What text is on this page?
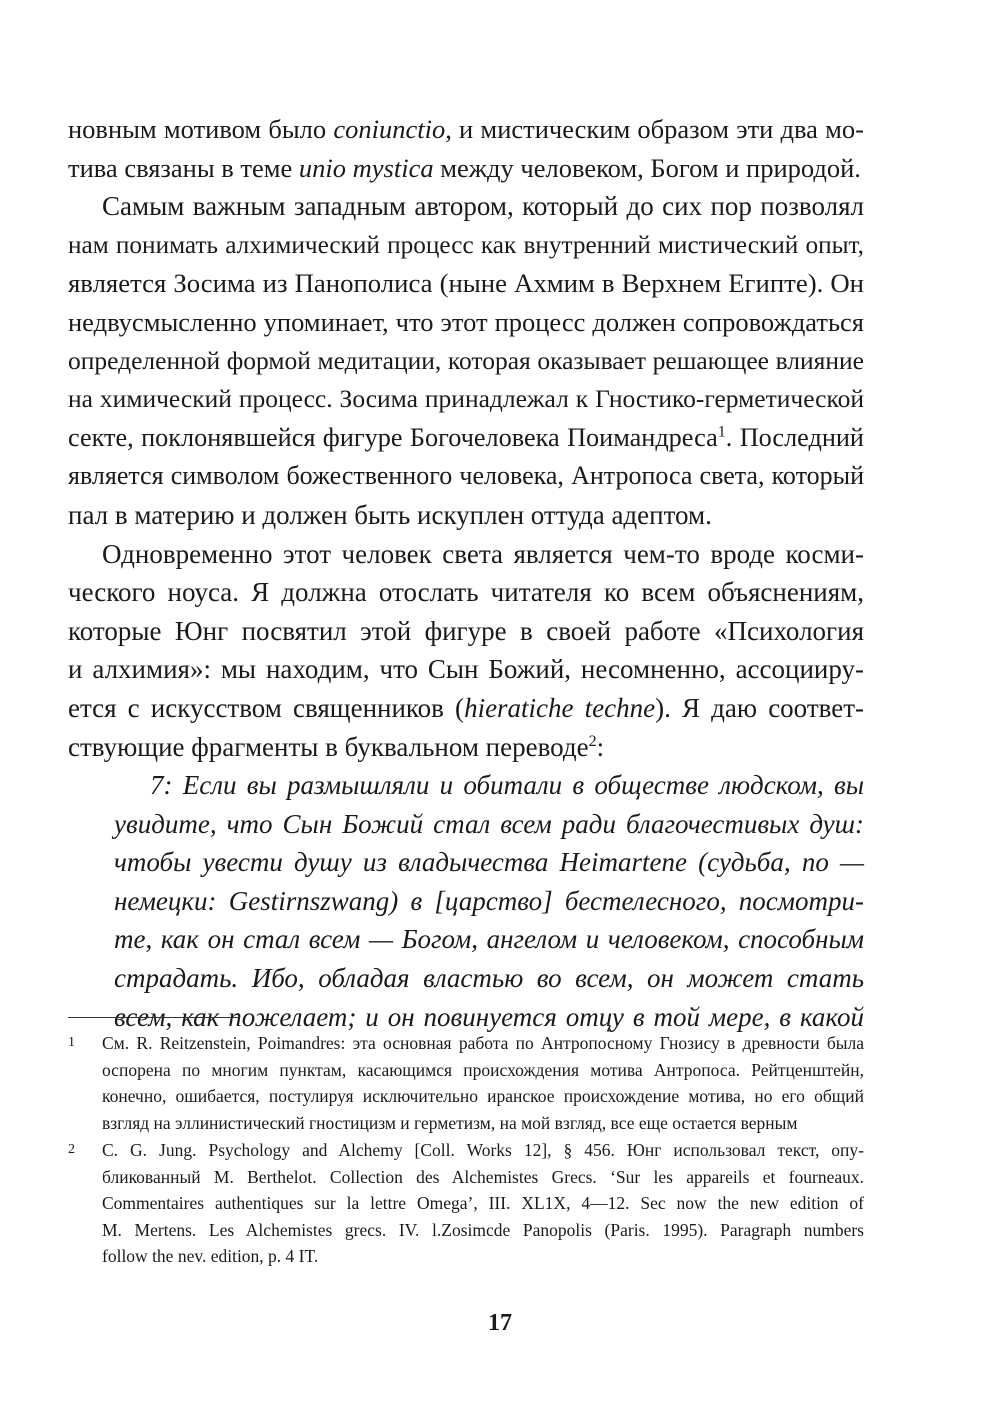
новным мотивом было coniunctio, и мистическим образом эти два мо-
тива связаны в теме unio mystica между человеком, Богом и природой.
Самым важным западным автором, который до сих пор позволял
нам понимать алхимический процесс как внутренний мистический опыт,
является Зосима из Панополиса (ныне Ахмим в Верхнем Египте). Он
недвусмысленно упоминает, что этот процесс должен сопровождаться
определенной формой медитации, которая оказывает решающее влияние
на химический процесс. Зосима принадлежал к Гностико-герметической
секте, поклонявшейся фигуре Богочеловека Поимандреса$^1$. Последний
является символом божественного человека, Антропоса света, который
пал в материю и должен быть искуплен оттуда адептом.
Одновременно этот человек света является чем-то вроде косми-
ческого ноуса. Я должна отослать читателя ко всем объяснениям,
которые Юнг посвятил этой фигуре в своей работе «Психология
и алхимия»: мы находим, что Сын Божий, несомненно, ассоцииру-
ется с искусством священников (hieratiche techne). Я даю соответ-
ствующие фрагменты в буквальном переводе$^2$:
7: Если вы размышляли и обитали в обществе людском, вы
увидите, что Сын Божий стал всем ради благочестивых душ:
чтобы увести душу из владычества Heimartene (судьба, по —
немецки: Gestirnszwang) в [царство] бестелесного, посмотри-
те, как он стал всем — Богом, ангелом и человеком, способным
страдать. Ибо, обладая властью во всем, он может стать
всем, как пожелает; и он повинуется отцу в той мере, в какой
1 См. R. Reitzenstein, Poimandres: эта основная работа по Антропосному Гнозису в древности была
оспорена по многим пунктам, касающимся происхождения мотива Антропоса. Рейтценштейн,
конечно, ошибается, постулируя исключительно иранское происхождение мотива, но его общий
взгляд на эллинистический гностицизм и герметизм, на мой взгляд, все еще остается верным
2 C. G. Jung. Psychology and Alchemy [Coll. Works 12], § 456. Юнг использовал текст, опу-
бликованный M. Berthelot. Collection des Alchemistes Grecs. ‘Sur les appareils et fourneaux.
Commentaires authentiques sur la lettre Omega’, III. XL1X, 4—12. Sec now the new edition of
M. Mertens. Les Alchemistes grecs. IV. l.Zosimcde Panopolis (Paris. 1995). Paragraph numbers
follow the nev. edition, p. 4 IT.
17
